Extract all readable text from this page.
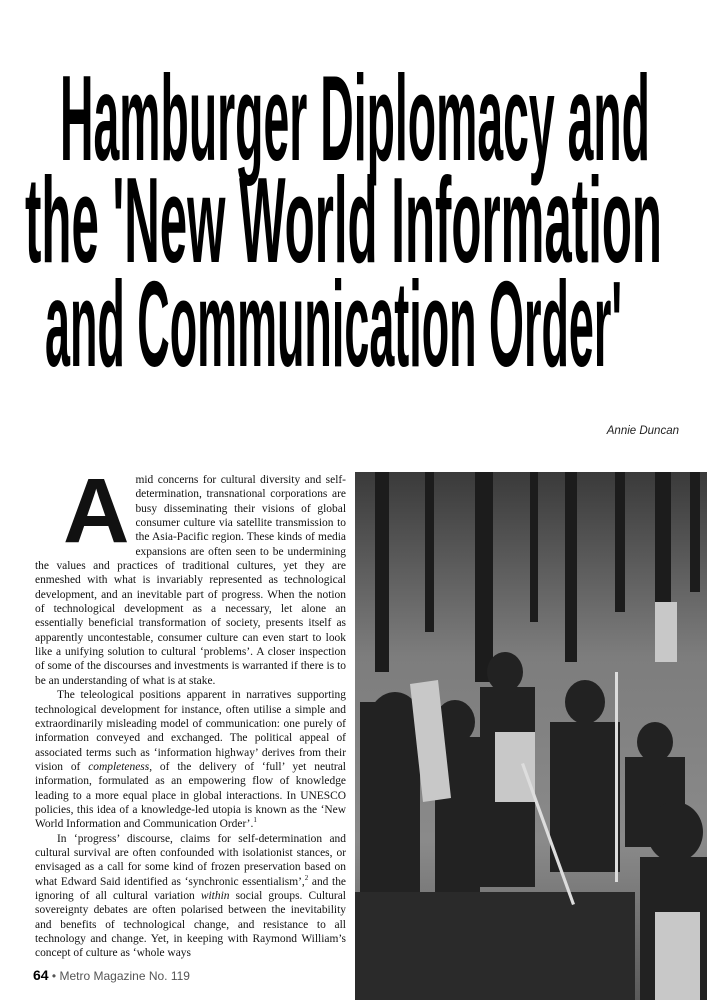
Hamburger Diplomacy and
the 'New World Information
and Communication Order'
Annie Duncan

Amid concerns for cultural diversity and self-determination, transnational corporations are busy disseminating their visions of global consumer culture via satellite transmission to the Asia-Pacific region. These kinds of media expansions are often seen to be undermining the values and practices of traditional cultures, yet they are enmeshed with what is invariably represented as technological development, and an inevitable part of progress. When the notion of technological development as a necessary, let alone an essentially beneficial transformation of society, presents itself as apparently uncontestable, consumer culture can even start to look like a unifying solution to cultural ‘problems’. A closer inspection of some of the discourses and investments is warranted if there is to be an understanding of what is at stake.

The teleological positions apparent in narratives supporting technological development for instance, often utilise a simple and extraordinarily misleading model of communication: one purely of information conveyed and exchanged. The political appeal of associated terms such as ‘information highway’ derives from their vision of completeness, of the delivery of ‘full’ yet neutral information, formulated as an empowering flow of knowledge leading to a more equal place in global interactions. In UNESCO policies, this idea of a knowledge-led utopia is known as the ‘New World Information and Communication Order’.$^1$

In ‘progress’ discourse, claims for self-determination and cultural survival are often confounded with isolationist stances, or envisaged as a call for some kind of frozen preservation based on what Edward Said identified as ‘synchronic essentialism’,$^2$ and the ignoring of all cultural variation within social groups. Cultural sovereignty debates are often polarised between the inevitability and benefits of technological change, and resistance to all technology and change. Yet, in keeping with Raymond William’s concept of culture as ‘whole ways

64 • Metro Magazine No. 119
